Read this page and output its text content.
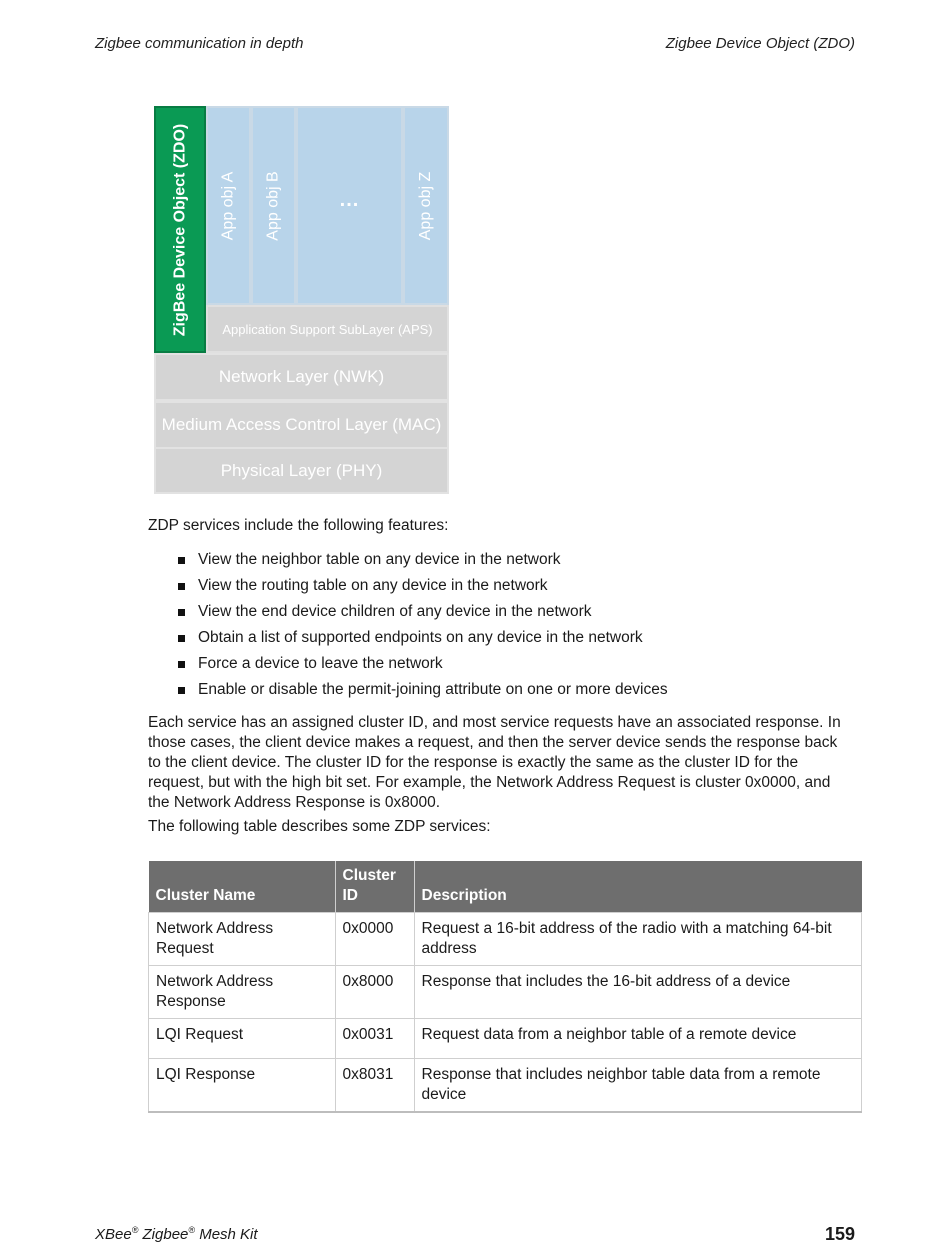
Zigbee communication in depth	Zigbee Device Object (ZDO)
ZigBee Device Object (ZDO) App obj A App obj B	...	App obj Z
Application Support SubLayer (APS)
Network Layer (NWK)
Medium Access Control Layer (MAC)
Physical Layer (PHY)
ZDP services include the following features:
View the neighbor table on any device in the network
View the routing table on any device in the network
View the end device children of any device in the network
Obtain a list of supported endpoints on any device in the network
Force a device to leave the network
Enable or disable the permit-joining attribute on one or more devices
Each service has an assigned cluster ID, and most service requests have an associated response. In those cases, the client device makes a request, and then the server device sends the response back to the client device. The cluster ID for the response is exactly the same as the cluster ID for the request, but with the high bit set. For example, the Network Address Request is cluster 0x0000, and the Network Address Response is 0x8000.
The following table describes some ZDP services:
Cluster Name	Cluster ID	Description
Network Address Request	0x0000	Request a 16-bit address of the radio with a matching 64-bit address
Network Address Response	0x8000	Response that includes the 16-bit address of a device
LQI Request	0x0031	Request data from a neighbor table of a remote device
LQI Response	0x8031	Response that includes neighbor table data from a remote device
XBee® Zigbee® Mesh Kit	159
